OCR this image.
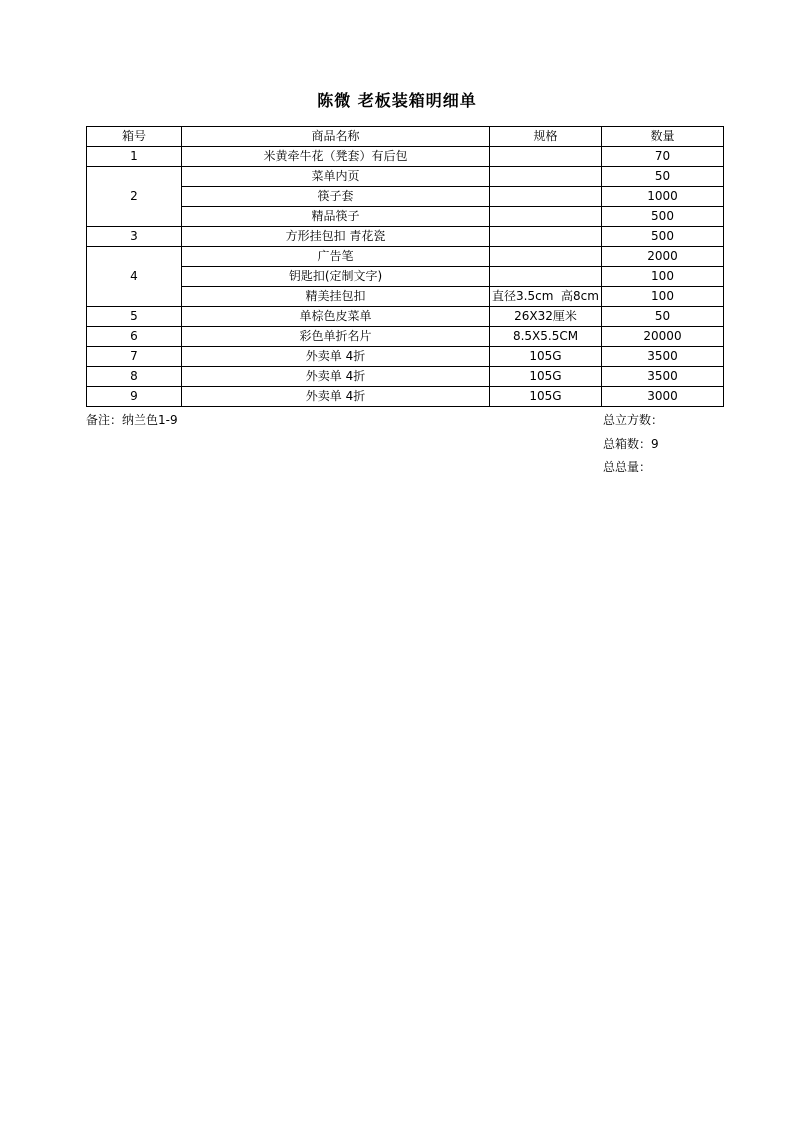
陈微 老板装箱明细单
箱号	商品名称	规格	数量
1	米黄牵牛花（凳套）有后包		70
2	菜单内页		50
	筷子套		1000
	精品筷子		500
3	方形挂包扣 青花瓷		500
4	广告笔		2000
	钥匙扣(定制文字)		100
	精美挂包扣	直径3.5cm  高8cm	100
5	单棕色皮菜单	26X32厘米	50
6	彩色单折名片	8.5X5.5CM	20000
7	外卖单 4折	105G	3500
8	外卖单 4折	105G	3500
9	外卖单 4折	105G	3000
备注：纳兰色1-9	总立方数：
总箱数：9
总总量：
